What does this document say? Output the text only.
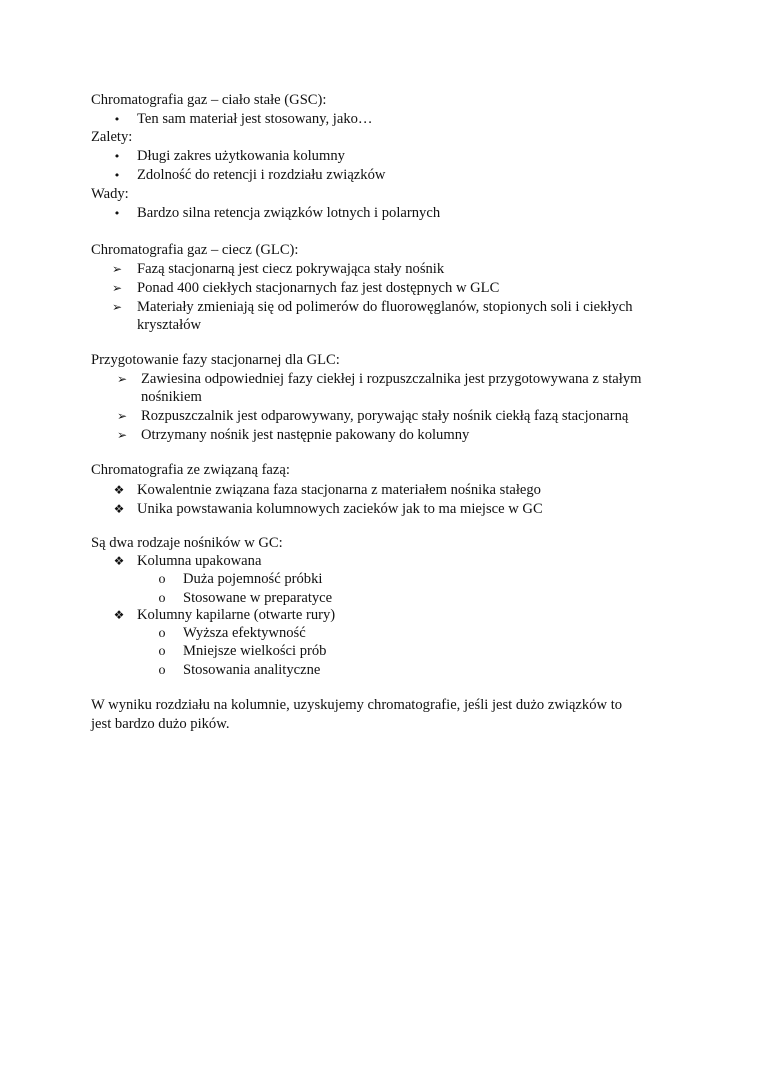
Chromatografia gaz – ciało stałe (GSC):
• Ten sam materiał jest stosowany, jako…
Zalety:
• Długi zakres użytkowania kolumny
• Zdolność do retencji i rozdziału związków
Wady:
• Bardzo silna retencja związków lotnych i polarnych
Chromatografia gaz – ciecz (GLC):
➢ Fazą stacjonarną jest ciecz pokrywająca stały nośnik
➢ Ponad 400 ciekłych stacjonarnych faz jest dostępnych w GLC
➢ Materiały zmieniają się od polimerów do fluorowęglanów, stopionych soli i ciekłych
kryształów
Przygotowanie fazy stacjonarnej dla GLC:
➢ Zawiesina odpowiedniej fazy ciekłej i rozpuszczalnika jest przygotowywana z stałym
nośnikiem
➢ Rozpuszczalnik jest odparowywany, porywając stały nośnik ciekłą fazą stacjonarną
➢ Otrzymany nośnik jest następnie pakowany do kolumny
Chromatografia ze związaną fazą:
❖ Kowalentnie związana faza stacjonarna z materiałem nośnika stałego
❖ Unika powstawania kolumnowych zacieków jak to ma miejsce w GC
Są dwa rodzaje nośników w GC:
❖ Kolumna upakowana
o Duża pojemność próbki
o Stosowane w preparatyce
❖ Kolumny kapilarne (otwarte rury)
o Wyższa efektywność
o Mniejsze wielkości prób
o Stosowania analityczne
W wyniku rozdziału na kolumnie, uzyskujemy chromatografie, jeśli jest dużo związków to
jest bardzo dużo pików.
